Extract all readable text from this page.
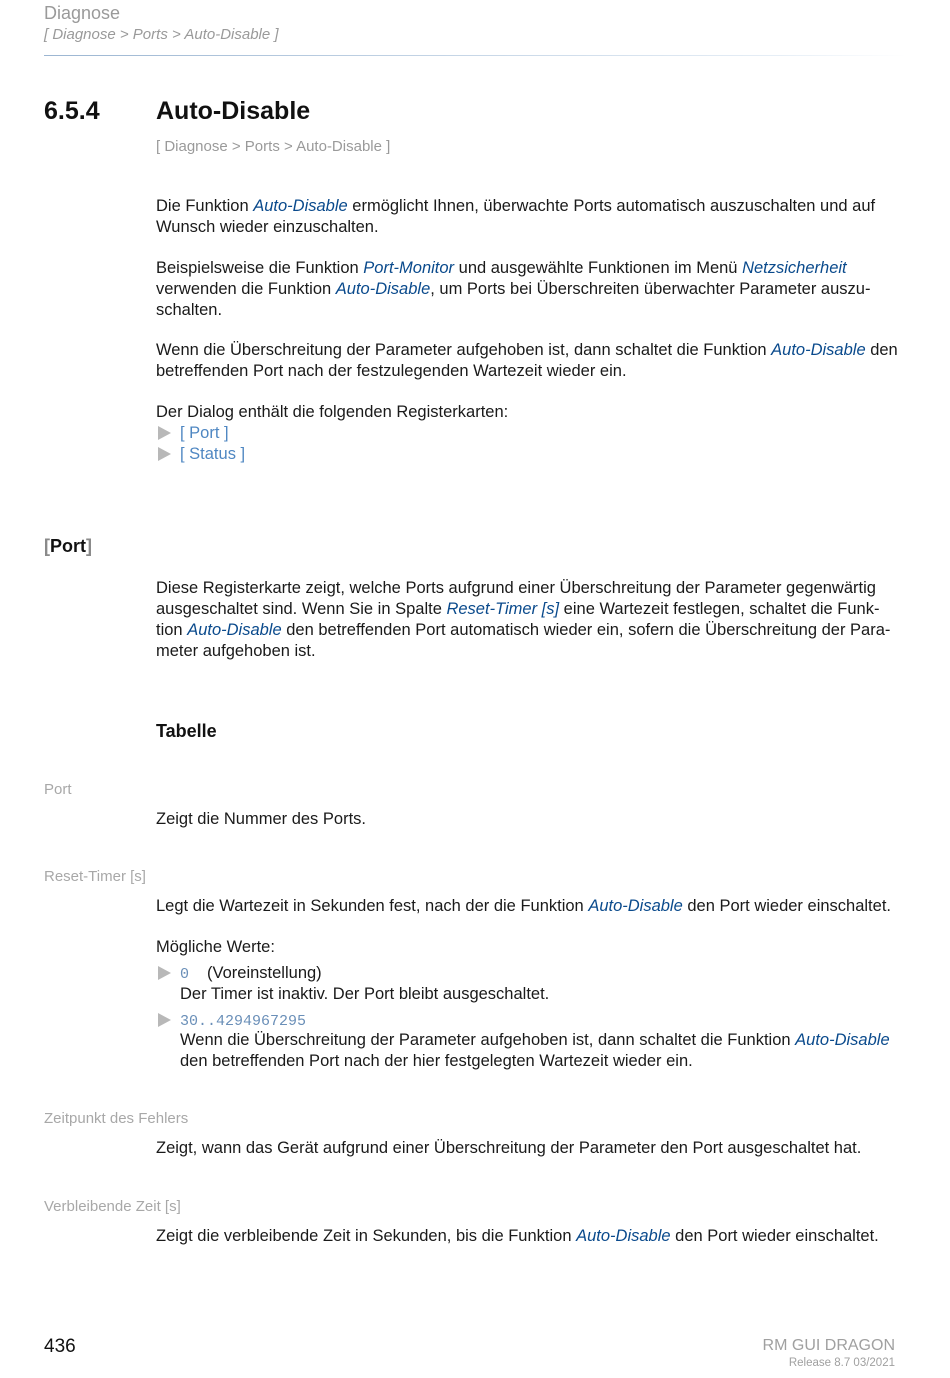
Diagnose
[ Diagnose > Ports > Auto-Disable ]
6.5.4 Auto-Disable
[ Diagnose > Ports > Auto-Disable ]

Die Funktion Auto-Disable ermöglicht Ihnen, überwachte Ports automatisch auszuschalten und auf Wunsch wieder einzuschalten.

Beispielsweise die Funktion Port-Monitor und ausgewählte Funktionen im Menü Netzsicherheit verwenden die Funktion Auto-Disable, um Ports bei Überschreiten überwachter Parameter auszu-schalten.

Wenn die Überschreitung der Parameter aufgehoben ist, dann schaltet die Funktion Auto-Disable den betreffenden Port nach der festzulegenden Wartezeit wieder ein.

Der Dialog enthält die folgenden Registerkarten:

[ Port ]
[ Status ]
[Port]

Diese Registerkarte zeigt, welche Ports aufgrund einer Überschreitung der Parameter gegenwärtig ausgeschaltet sind. Wenn Sie in Spalte Reset-Timer [s] eine Wartezeit festlegen, schaltet die Funk-tion Auto-Disable den betreffenden Port automatisch wieder ein, sofern die Überschreitung der Para-meter aufgehoben ist.

Tabelle
Port

Zeigt die Nummer des Ports.

Reset-Timer [s]

Legt die Wartezeit in Sekunden fest, nach der die Funktion Auto-Disable den Port wieder einschaltet.

Mögliche Werte:

0 (Voreinstellung)
Der Timer ist inaktiv. Der Port bleibt ausgeschaltet.
30..4294967295
Wenn die Überschreitung der Parameter aufgehoben ist, dann schaltet die Funktion Auto-Disable den betreffenden Port nach der hier festgelegten Wartezeit wieder ein.
Zeitpunkt des Fehlers

Zeigt, wann das Gerät aufgrund einer Überschreitung der Parameter den Port ausgeschaltet hat.

Verbleibende Zeit [s]

Zeigt die verbleibende Zeit in Sekunden, bis die Funktion Auto-Disable den Port wieder einschaltet.

436	RM GUI DRAGON
Release 8.7 03/2021
